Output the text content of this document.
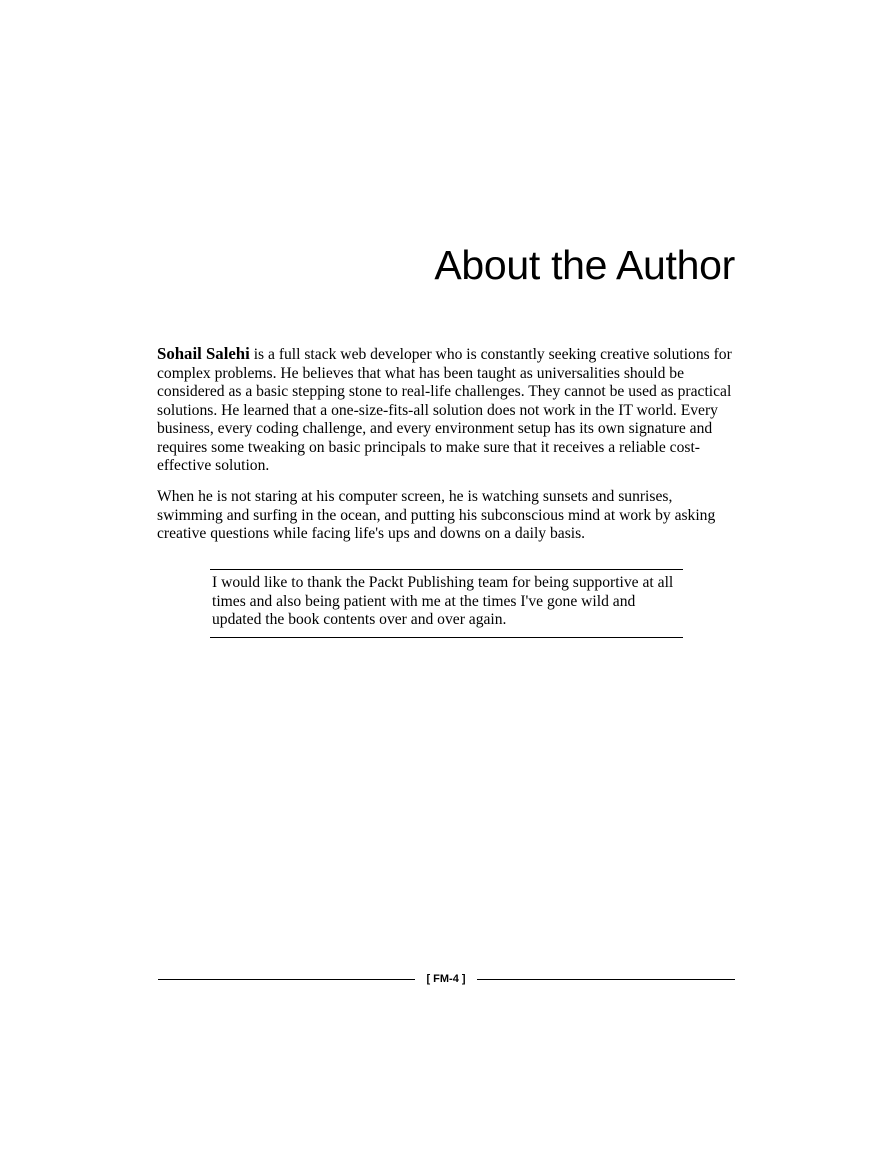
About the Author

Sohail Salehi is a full stack web developer who is constantly seeking creative solutions for complex problems. He believes that what has been taught as universalities should be considered as a basic stepping stone to real-life challenges. They cannot be used as practical solutions. He learned that a one-size-fits-all solution does not work in the IT world. Every business, every coding challenge, and every environment setup has its own signature and requires some tweaking on basic principals to make sure that it receives a reliable cost-effective solution.

When he is not staring at his computer screen, he is watching sunsets and sunrises, swimming and surfing in the ocean, and putting his subconscious mind at work by asking creative questions while facing life's ups and downs on a daily basis.

I would like to thank the Packt Publishing team for being supportive at all times and also being patient with me at the times I've gone wild and updated the book contents over and over again.

[ FM-4 ]
